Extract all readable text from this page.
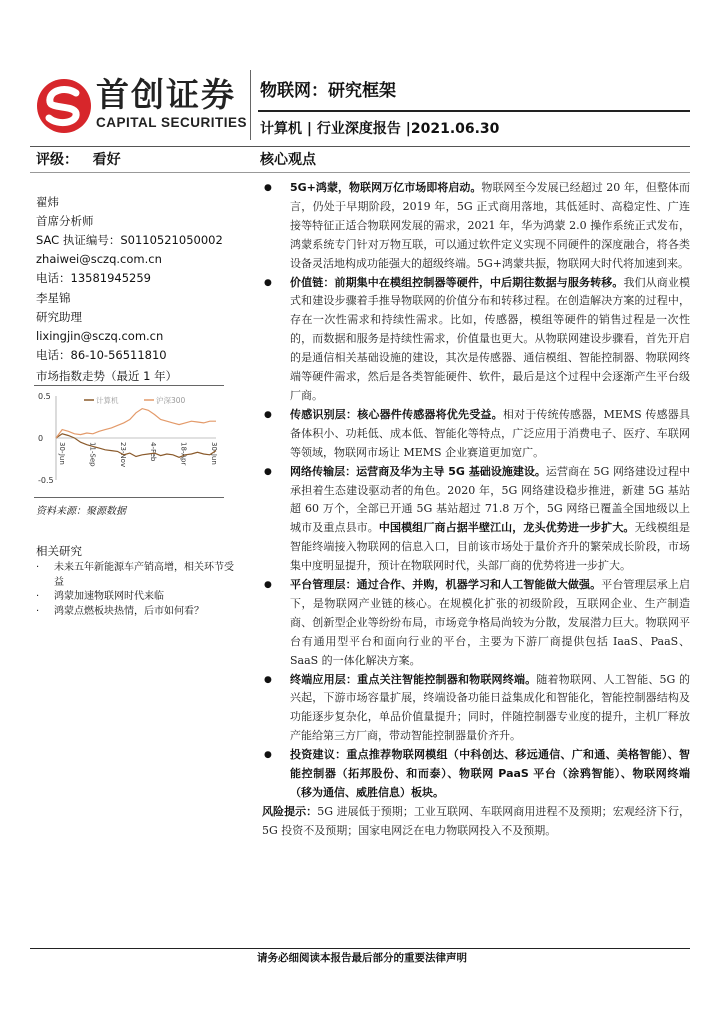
首创证券
CAPITAL SECURITIES
物联网：研究框架
计算机 | 行业深度报告 |2021.06.30
评级： 看好	核心观点
翟炜
首席分析师
SAC 执证编号：S0110521050002
zhaiwei@sczq.com.cn
电话：13581945259
李星锦
研究助理
lixingjin@sczq.com.cn
电话：86-10-56511810
市场指数走势（最近 1 年）
0.5
0
-0.5
30-Jun	11-Sep	23-Nov	4-Feb	18-Apr	30-Jun
计算机	沪深300
资料来源：聚源数据
相关研究
· 未来五年新能源车产销高增，相关环节受益
· 鸿蒙加速物联网时代来临
· 鸿蒙点燃板块热情，后市如何看？
● 5G+鸿蒙，物联网万亿市场即将启动。物联网至今发展已经超过 20 年，但整体而言，仍处于早期阶段，2019 年，5G 正式商用落地，其低延时、高稳定性、广连接等特征正适合物联网发展的需求，2021 年，华为鸿蒙 2.0 操作系统正式发布，鸿蒙系统专门针对万物互联，可以通过软件定义实现不同硬件的深度融合，将各类设备灵活地构成功能强大的超级终端。5G+鸿蒙共振，物联网大时代将加速到来。
● 价值链：前期集中在模组控制器等硬件，中后期往数据与服务转移。我们从商业模式和建设步骤着手推导物联网的价值分布和转移过程。在创造解决方案的过程中，存在一次性需求和持续性需求。比如，传感器，模组等硬件的销售过程是一次性的，而数据和服务是持续性需求，价值量也更大。从物联网建设步骤看，首先开启的是通信相关基础设施的建设，其次是传感器、通信模组、智能控制器、物联网终端等硬件需求，然后是各类智能硬件、软件，最后是这个过程中会逐渐产生平台级厂商。
● 传感识别层：核心器件传感器将优先受益。相对于传统传感器，MEMS 传感器具备体积小、功耗低、成本低、智能化等特点，广泛应用于消费电子、医疗、车联网等领域，物联网市场让 MEMS 企业赛道更加宽广。
● 网络传输层：运营商及华为主导 5G 基础设施建设。运营商在 5G 网络建设过程中承担着生态建设驱动者的角色。2020 年，5G 网络建设稳步推进，新建 5G 基站超 60 万个，全部已开通 5G 基站超过 71.8 万个，5G 网络已覆盖全国地级以上城市及重点县市。中国模组厂商占据半壁江山，龙头优势进一步扩大。无线模组是智能终端接入物联网的信息入口，目前该市场处于量价齐升的繁荣成长阶段，市场集中度明显提升，预计在物联网时代，头部厂商的优势将进一步扩大。
● 平台管理层：通过合作、并购，机器学习和人工智能做大做强。平台管理层承上启下，是物联网产业链的核心。在规模化扩张的初级阶段，互联网企业、生产制造商、创新型企业等纷纷布局，市场竞争格局尚较为分散，发展潜力巨大。物联网平台有通用型平台和面向行业的平台，主要为下游厂商提供包括 IaaS、PaaS、SaaS 的一体化解决方案。
● 终端应用层：重点关注智能控制器和物联网终端。随着物联网、人工智能、5G 的兴起，下游市场容量扩展，终端设备功能日益集成化和智能化，智能控制器结构及功能逐步复杂化，单品价值量提升；同时，伴随控制器专业度的提升，主机厂释放产能给第三方厂商，带动智能控制器量价齐升。
● 投资建议：重点推荐物联网模组（中科创达、移远通信、广和通、美格智能）、智能控制器（拓邦股份、和而泰）、物联网 PaaS 平台（涂鸦智能）、物联网终端（移为通信、威胜信息）板块。
风险提示：5G 进展低于预期；工业互联网、车联网商用进程不及预期；宏观经济下行，5G 投资不及预期；国家电网泛在电力物联网投入不及预期。
请务必细阅读本报告最后部分的重要法律声明
